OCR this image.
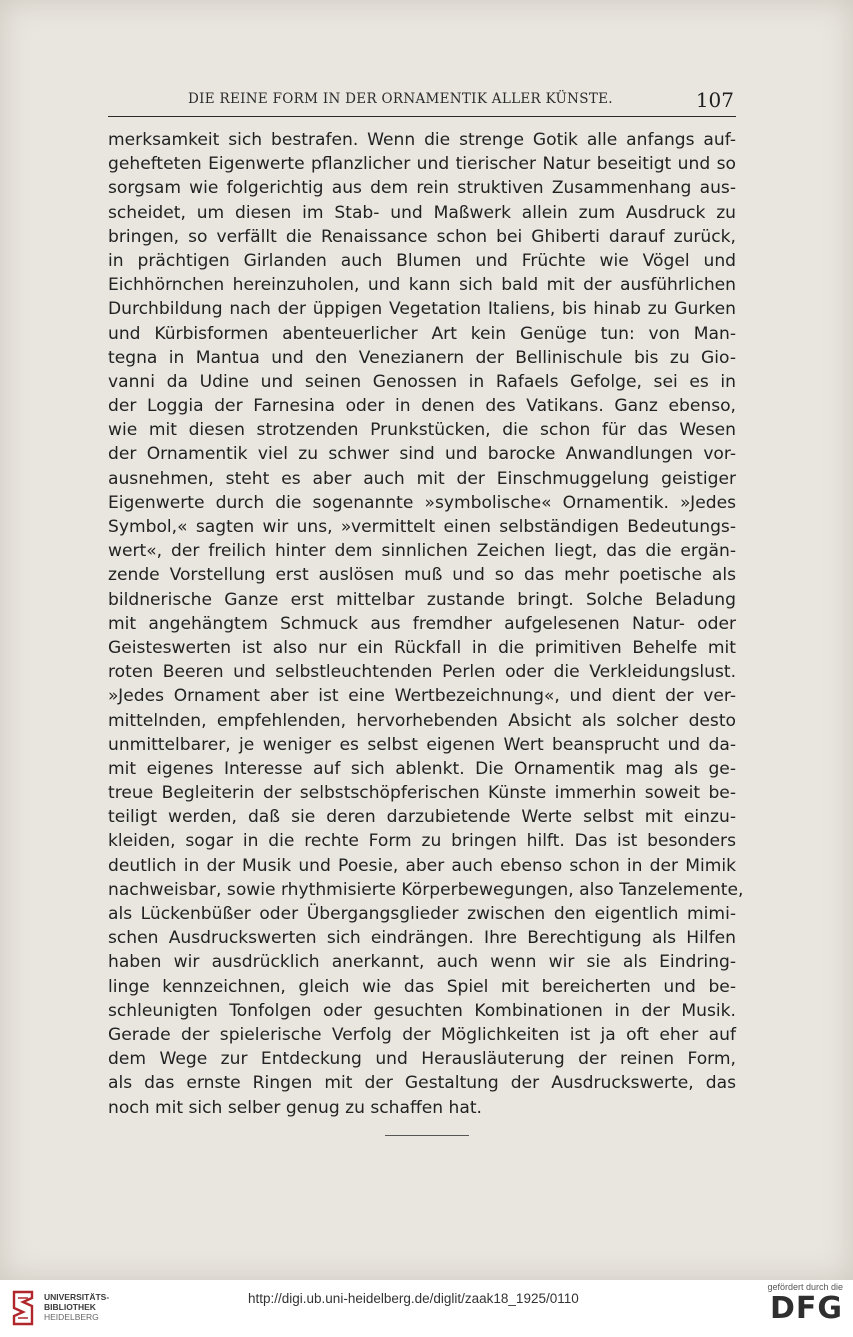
DIE REINE FORM IN DER ORNAMENTIK ALLER KÜNSTE.	107
merksamkeit sich bestrafen. Wenn die strenge Gotik alle anfangs auf-
gehefteten Eigenwerte pflanzlicher und tierischer Natur beseitigt und so
sorgsam wie folgerichtig aus dem rein struktiven Zusammenhang aus-
scheidet, um diesen im Stab- und Maßwerk allein zum Ausdruck zu
bringen, so verfällt die Renaissance schon bei Ghiberti darauf zurück,
in prächtigen Girlanden auch Blumen und Früchte wie Vögel und
Eichhörnchen hereinzuholen, und kann sich bald mit der ausführlichen
Durchbildung nach der üppigen Vegetation Italiens, bis hinab zu Gurken
und Kürbisformen abenteuerlicher Art kein Genüge tun: von Man-
tegna in Mantua und den Venezianern der Bellinischule bis zu Gio-
vanni da Udine und seinen Genossen in Rafaels Gefolge, sei es in
der Loggia der Farnesina oder in denen des Vatikans. Ganz ebenso,
wie mit diesen strotzenden Prunkstücken, die schon für das Wesen
der Ornamentik viel zu schwer sind und barocke Anwandlungen vor-
ausnehmen, steht es aber auch mit der Einschmuggelung geistiger
Eigenwerte durch die sogenannte »symbolische« Ornamentik. »Jedes
Symbol,« sagten wir uns, »vermittelt einen selbständigen Bedeutungs-
wert«, der freilich hinter dem sinnlichen Zeichen liegt, das die ergän-
zende Vorstellung erst auslösen muß und so das mehr poetische als
bildnerische Ganze erst mittelbar zustande bringt. Solche Beladung
mit angehängtem Schmuck aus fremdher aufgelesenen Natur- oder
Geisteswerten ist also nur ein Rückfall in die primitiven Behelfe mit
roten Beeren und selbstleuchtenden Perlen oder die Verkleidungslust.
»Jedes Ornament aber ist eine Wertbezeichnung«, und dient der ver-
mittelnden, empfehlenden, hervorhebenden Absicht als solcher desto
unmittelbarer, je weniger es selbst eigenen Wert beansprucht und da-
mit eigenes Interesse auf sich ablenkt. Die Ornamentik mag als ge-
treue Begleiterin der selbstschöpferischen Künste immerhin soweit be-
teiligt werden, daß sie deren darzubietende Werte selbst mit einzu-
kleiden, sogar in die rechte Form zu bringen hilft. Das ist besonders
deutlich in der Musik und Poesie, aber auch ebenso schon in der Mimik
nachweisbar, sowie rhythmisierte Körperbewegungen, also Tanzelemente,
als Lückenbüßer oder Übergangsglieder zwischen den eigentlich mimi-
schen Ausdruckswerten sich eindrängen. Ihre Berechtigung als Hilfen
haben wir ausdrücklich anerkannt, auch wenn wir sie als Eindring-
linge kennzeichnen, gleich wie das Spiel mit bereicherten und be-
schleunigten Tonfolgen oder gesuchten Kombinationen in der Musik.
Gerade der spielerische Verfolg der Möglichkeiten ist ja oft eher auf
dem Wege zur Entdeckung und Herausläuterung der reinen Form,
als das ernste Ringen mit der Gestaltung der Ausdruckswerte, das
noch mit sich selber genug zu schaffen hat.
UNIVERSITÄTS-
BIBLIOTHEK
HEIDELBERG
http://digi.ub.uni-heidelberg.de/diglit/zaak18_1925/0110
gefördert durch die
DFG
